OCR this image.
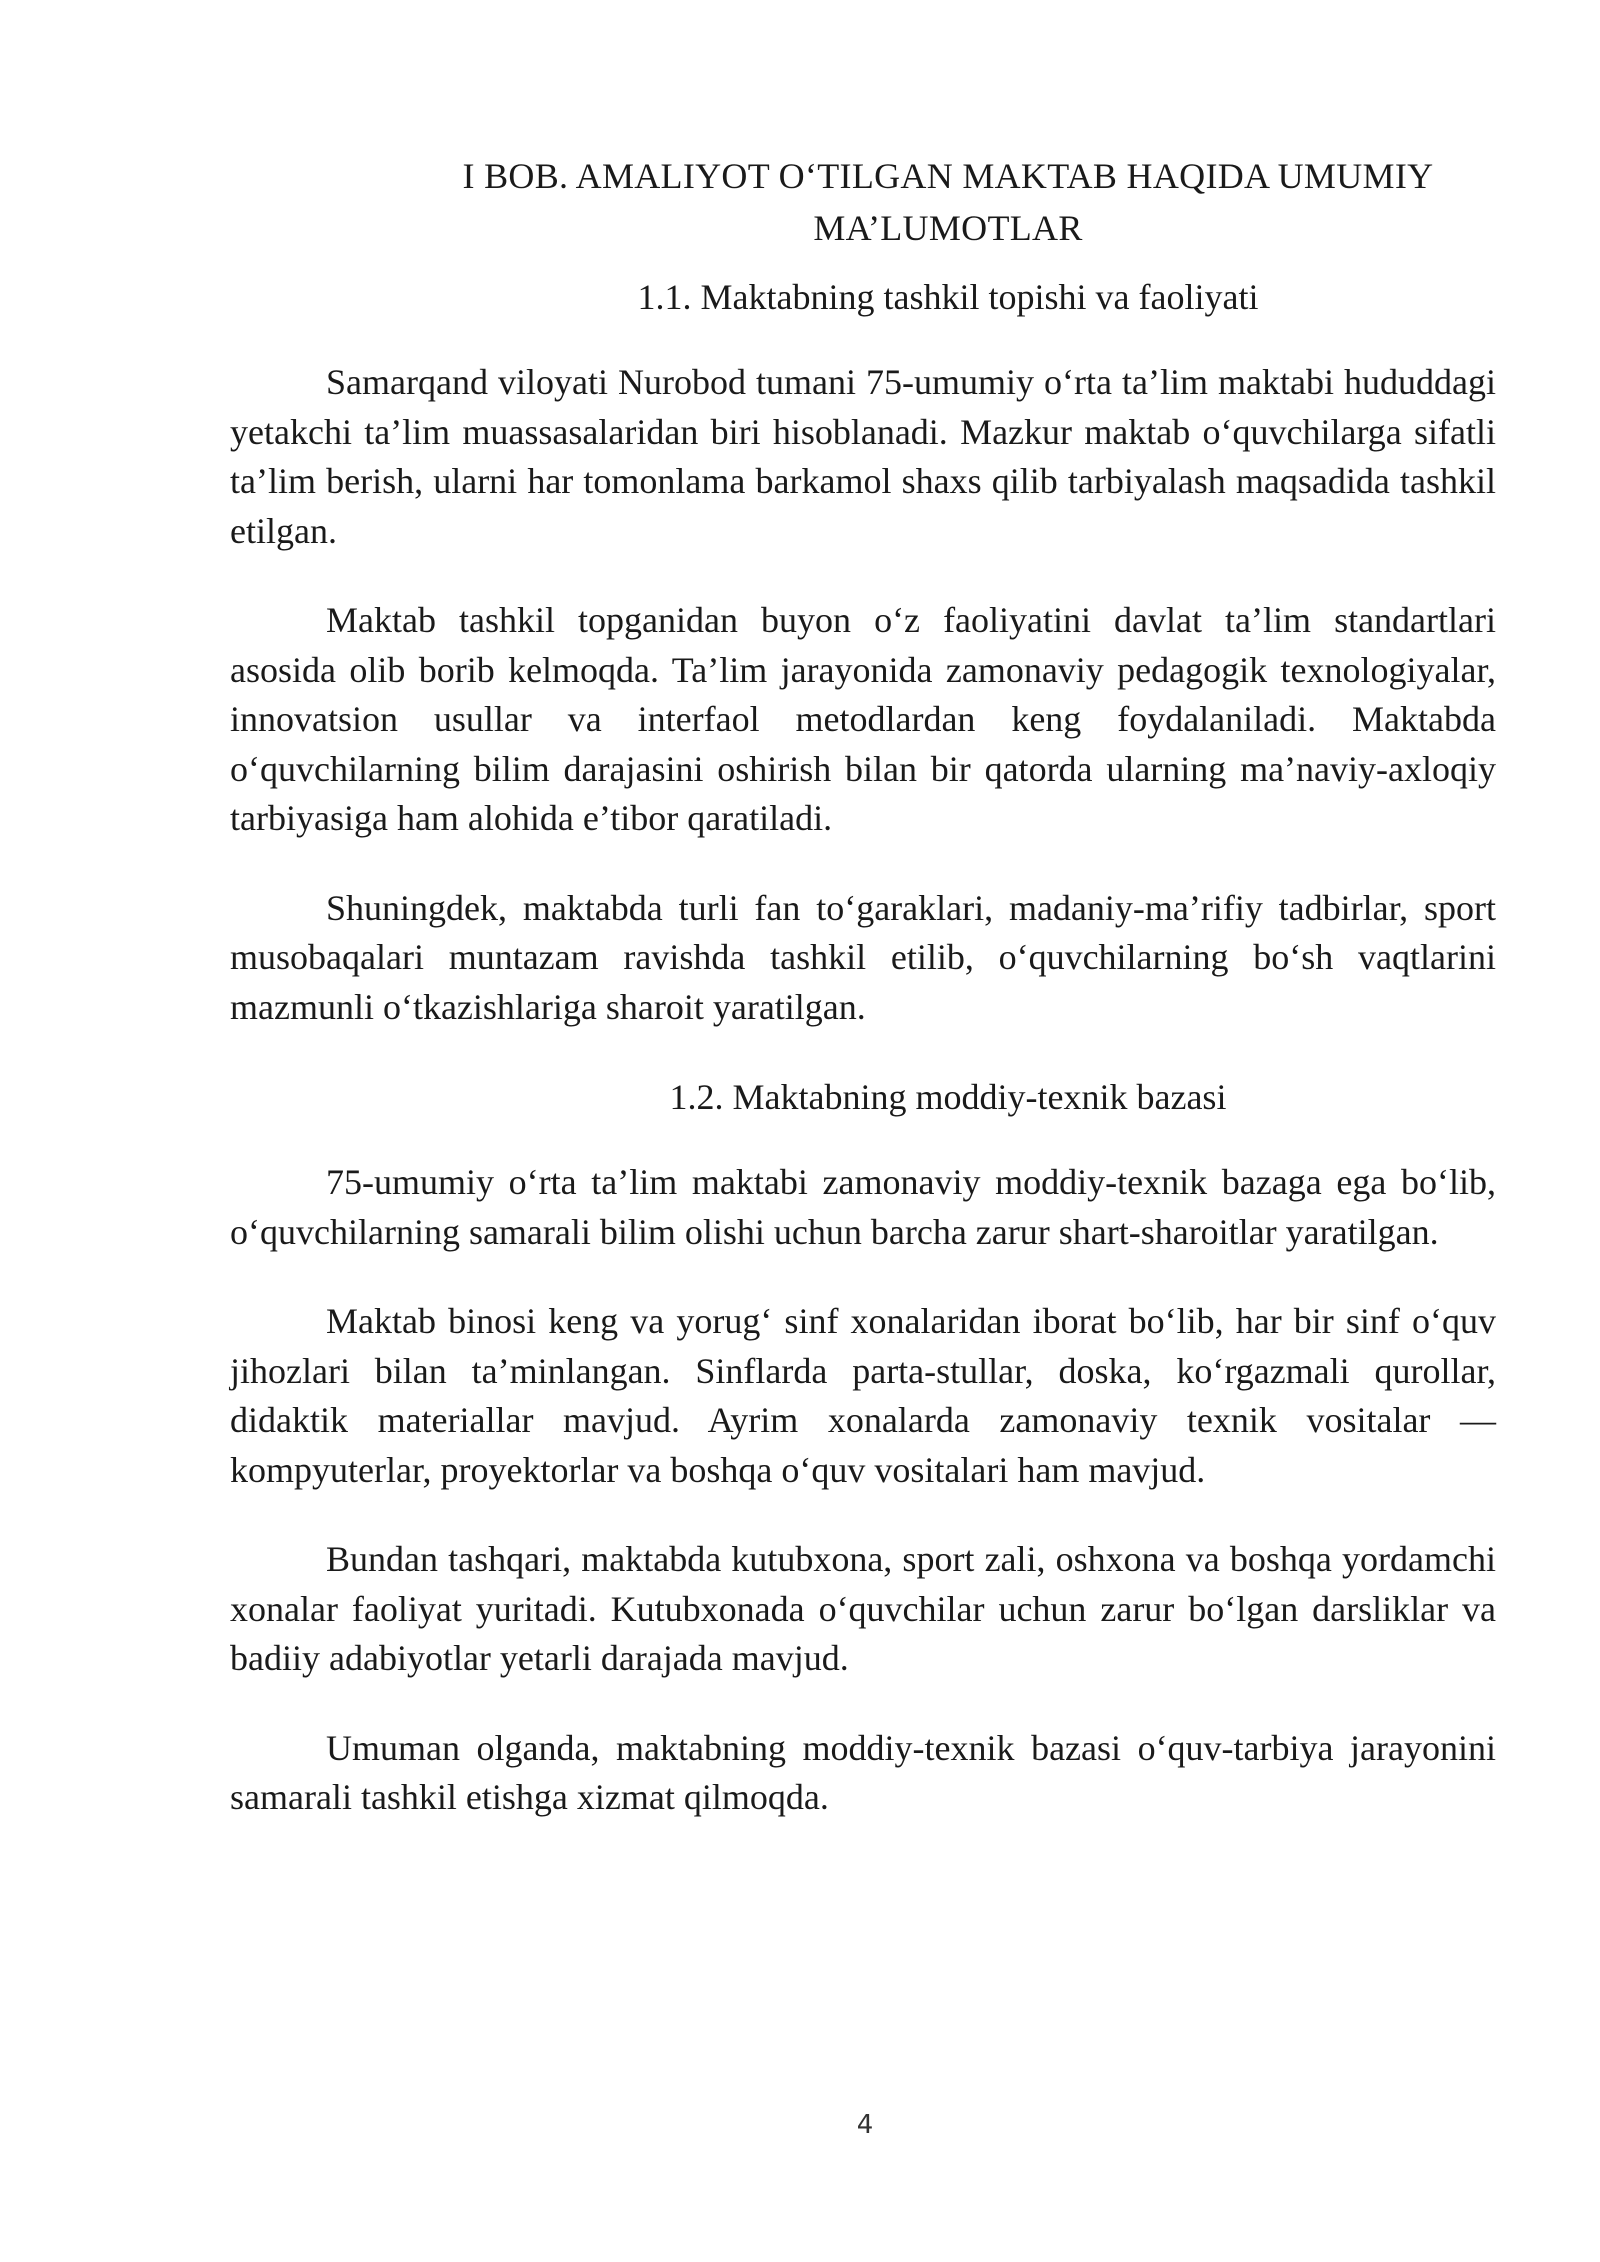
I BOB. AMALIYOT O‘TILGAN MAKTAB HAQIDA UMUMIY
MA’LUMOTLAR
1.1. Maktabning tashkil topishi va faoliyati

Samarqand viloyati Nurobod tumani 75-umumiy o‘rta ta’lim maktabi hududdagi yetakchi ta’lim muassasalaridan biri hisoblanadi. Mazkur maktab o‘quvchilarga sifatli ta’lim berish, ularni har tomonlama barkamol shaxs qilib tarbiyalash maqsadida tashkil etilgan.

Maktab tashkil topganidan buyon o‘z faoliyatini davlat ta’lim standartlari asosida olib borib kelmoqda. Ta’lim jarayonida zamonaviy pedagogik texnologiyalar, innovatsion usullar va interfaol metodlardan keng foydalaniladi. Maktabda o‘quvchilarning bilim darajasini oshirish bilan bir qatorda ularning ma’naviy-axloqiy tarbiyasiga ham alohida e’tibor qaratiladi.

Shuningdek, maktabda turli fan to‘garaklari, madaniy-ma’rifiy tadbirlar, sport musobaqalari muntazam ravishda tashkil etilib, o‘quvchilarning bo‘sh vaqtlarini mazmunli o‘tkazishlariga sharoit yaratilgan.

1.2. Maktabning moddiy-texnik bazasi

75-umumiy o‘rta ta’lim maktabi zamonaviy moddiy-texnik bazaga ega bo‘lib, o‘quvchilarning samarali bilim olishi uchun barcha zarur shart-sharoitlar yaratilgan.

Maktab binosi keng va yorug‘ sinf xonalaridan iborat bo‘lib, har bir sinf o‘quv jihozlari bilan ta’minlangan. Sinflarda parta-stullar, doska, ko‘rgazmali qurollar, didaktik materiallar mavjud. Ayrim xonalarda zamonaviy texnik vositalar — kompyuterlar, proyektorlar va boshqa o‘quv vositalari ham mavjud.

Bundan tashqari, maktabda kutubxona, sport zali, oshxona va boshqa yordamchi xonalar faoliyat yuritadi. Kutubxonada o‘quvchilar uchun zarur bo‘lgan darsliklar va badiiy adabiyotlar yetarli darajada mavjud.

Umuman olganda, maktabning moddiy-texnik bazasi o‘quv-tarbiya jarayonini samarali tashkil etishga xizmat qilmoqda.

4
